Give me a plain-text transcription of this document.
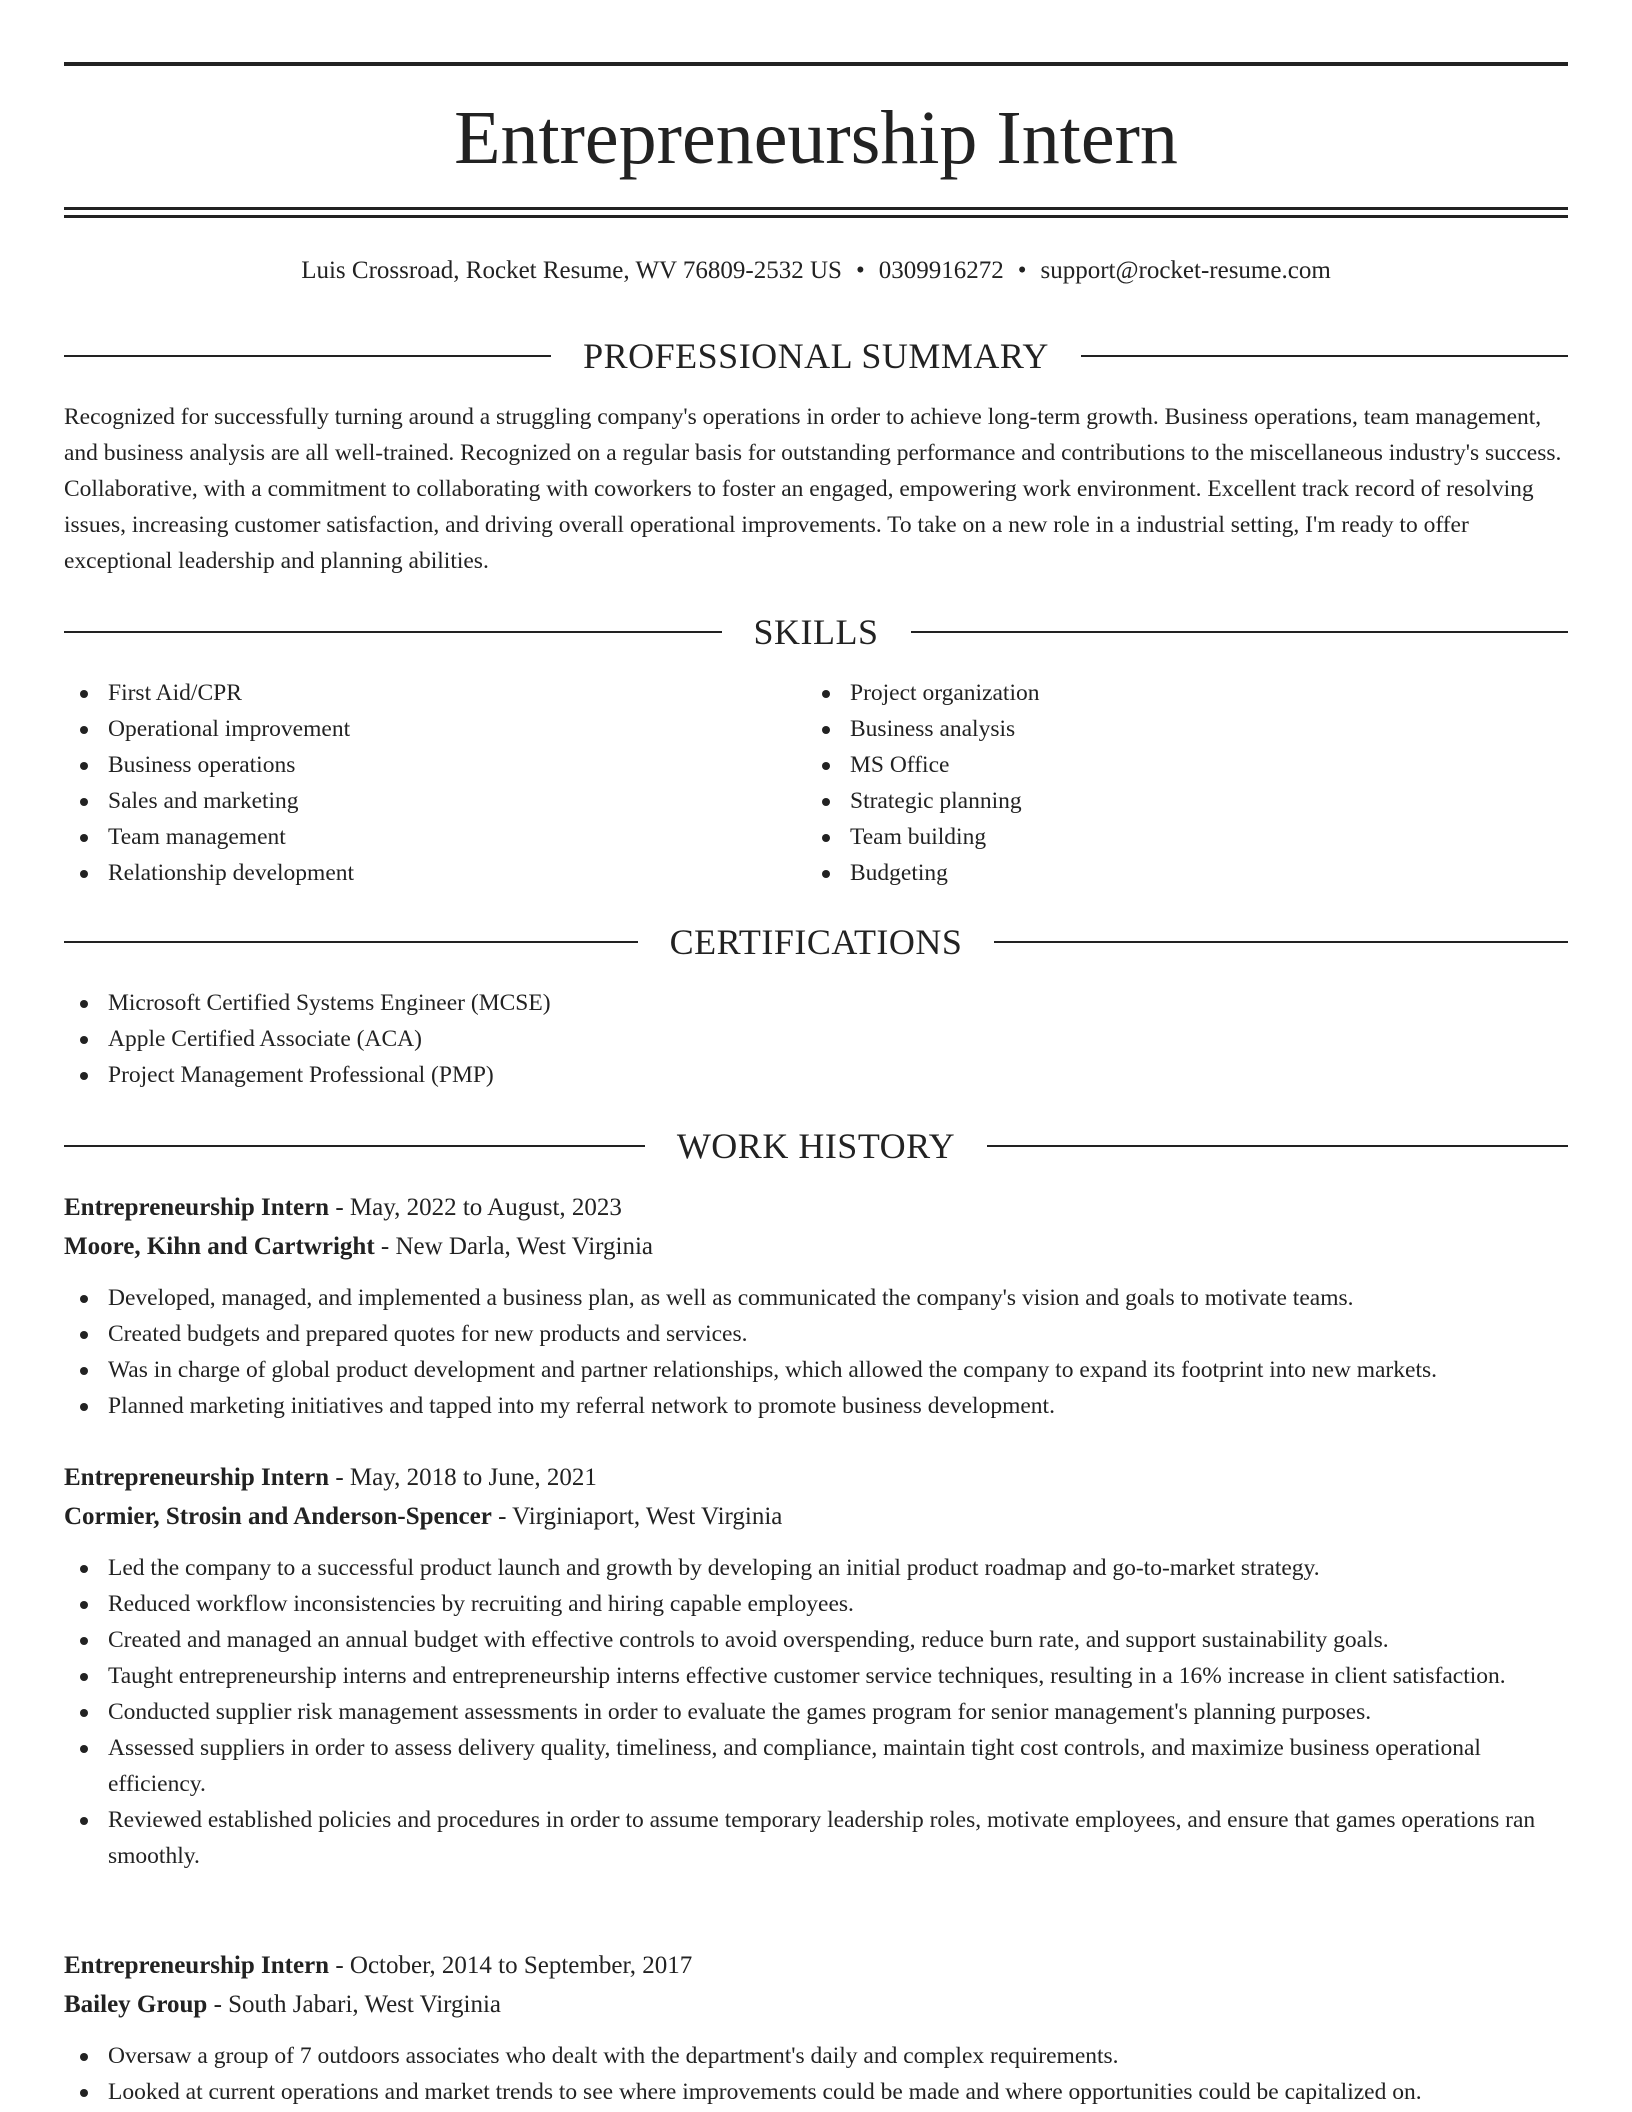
Entrepreneurship Intern
Luis Crossroad, Rocket Resume, WV 76809-2532 US • 0309916272 • support@rocket-resume.com
PROFESSIONAL SUMMARY

Recognized for successfully turning around a struggling company's operations in order to achieve long-term growth. Business operations, team management, and business analysis are all well-trained. Recognized on a regular basis for outstanding performance and contributions to the miscellaneous industry's success. Collaborative, with a commitment to collaborating with coworkers to foster an engaged, empowering work environment. Excellent track record of resolving issues, increasing customer satisfaction, and driving overall operational improvements. To take on a new role in a industrial setting, I'm ready to offer exceptional leadership and planning abilities.

SKILLS
First Aid/CPR
Operational improvement
Business operations
Sales and marketing
Team management
Relationship development
Project organization
Business analysis
MS Office
Strategic planning
Team building
Budgeting
CERTIFICATIONS
Microsoft Certified Systems Engineer (MCSE)
Apple Certified Associate (ACA)
Project Management Professional (PMP)
WORK HISTORY
Entrepreneurship Intern - May, 2022 to August, 2023
Moore, Kihn and Cartwright - New Darla, West Virginia
Developed, managed, and implemented a business plan, as well as communicated the company's vision and goals to motivate teams.
Created budgets and prepared quotes for new products and services.
Was in charge of global product development and partner relationships, which allowed the company to expand its footprint into new markets.
Planned marketing initiatives and tapped into my referral network to promote business development.
Entrepreneurship Intern - May, 2018 to June, 2021
Cormier, Strosin and Anderson-Spencer - Virginiaport, West Virginia
Led the company to a successful product launch and growth by developing an initial product roadmap and go-to-market strategy.
Reduced workflow inconsistencies by recruiting and hiring capable employees.
Created and managed an annual budget with effective controls to avoid overspending, reduce burn rate, and support sustainability goals.
Taught entrepreneurship interns and entrepreneurship interns effective customer service techniques, resulting in a 16% increase in client satisfaction.
Conducted supplier risk management assessments in order to evaluate the games program for senior management's planning purposes.
Assessed suppliers in order to assess delivery quality, timeliness, and compliance, maintain tight cost controls, and maximize business operational efficiency.
Reviewed established policies and procedures in order to assume temporary leadership roles, motivate employees, and ensure that games operations ran smoothly.
Entrepreneurship Intern - October, 2014 to September, 2017
Bailey Group - South Jabari, West Virginia
Oversaw a group of 7 outdoors associates who dealt with the department's daily and complex requirements.
Looked at current operations and market trends to see where improvements could be made and where opportunities could be capitalized on.
